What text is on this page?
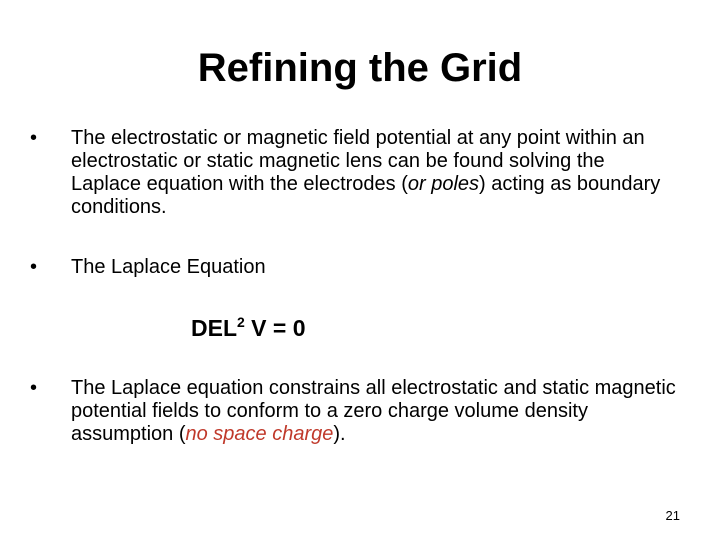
Refining the Grid
•	The electrostatic or magnetic field potential at any point within an electrostatic or static magnetic lens can be found solving the Laplace equation with the electrodes (or poles) acting as boundary conditions.
•	The Laplace Equation
DEL$^2$ V = 0
•	The Laplace equation constrains all electrostatic and static magnetic potential fields to conform to a zero charge volume density assumption (no space charge).
21
